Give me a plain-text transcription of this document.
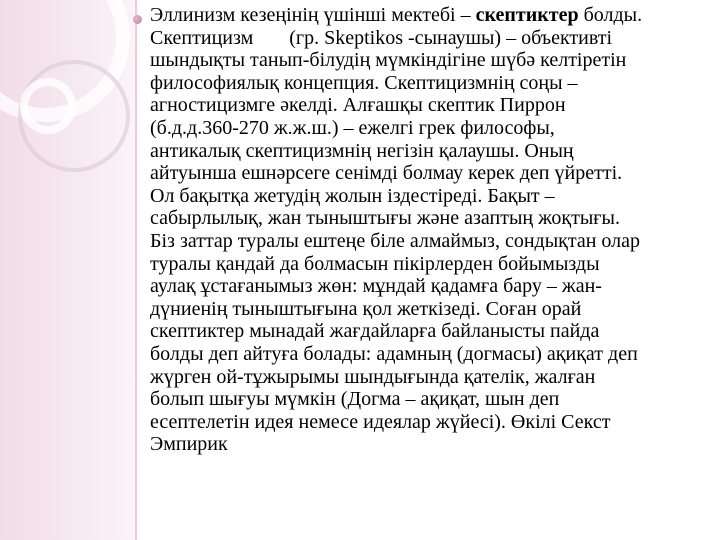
Эллинизм кезеңінің үшінші мектебі – скептиктер болды.
Скептицизм (гр. Skeptikos -сынаушы) – объективті
шындықты танып-білудің мүмкіндігіне шүбә келтіретін
философиялық концепция. Скептицизмнің соңы –
агностицизмге әкелді. Алғашқы скептик Пиррон
(б.д.д.360-270 ж.ж.ш.) – ежелгі грек философы,
антикалық скептицизмнің негізін қалаушы. Оның
айтуынша ешнәрсеге сенімді болмау керек деп үйретті.
Ол бақытқа жетудің жолын іздестіреді. Бақыт –
сабырлылық, жан тыныштығы және азаптың жоқтығы.
Біз заттар туралы ештеңе біле алмаймыз, сондықтан олар
туралы қандай да болмасын пікірлерден бойымызды
аулақ ұстағанымыз жөн: мұндай қадамға бару – жан-
дүниенің тыныштығына қол жеткізеді. Соған орай
скептиктер мынадай жағдайларға байланысты пайда
болды деп айтуға болады: адамның (догмасы) ақиқат деп
жүрген ой-тұжырымы шындығында қателік, жалған
болып шығуы мүмкін (Догма – ақиқат, шын деп
есептелетін идея немесе идеялар жүйесі). Өкілі Секст
Эмпирик
